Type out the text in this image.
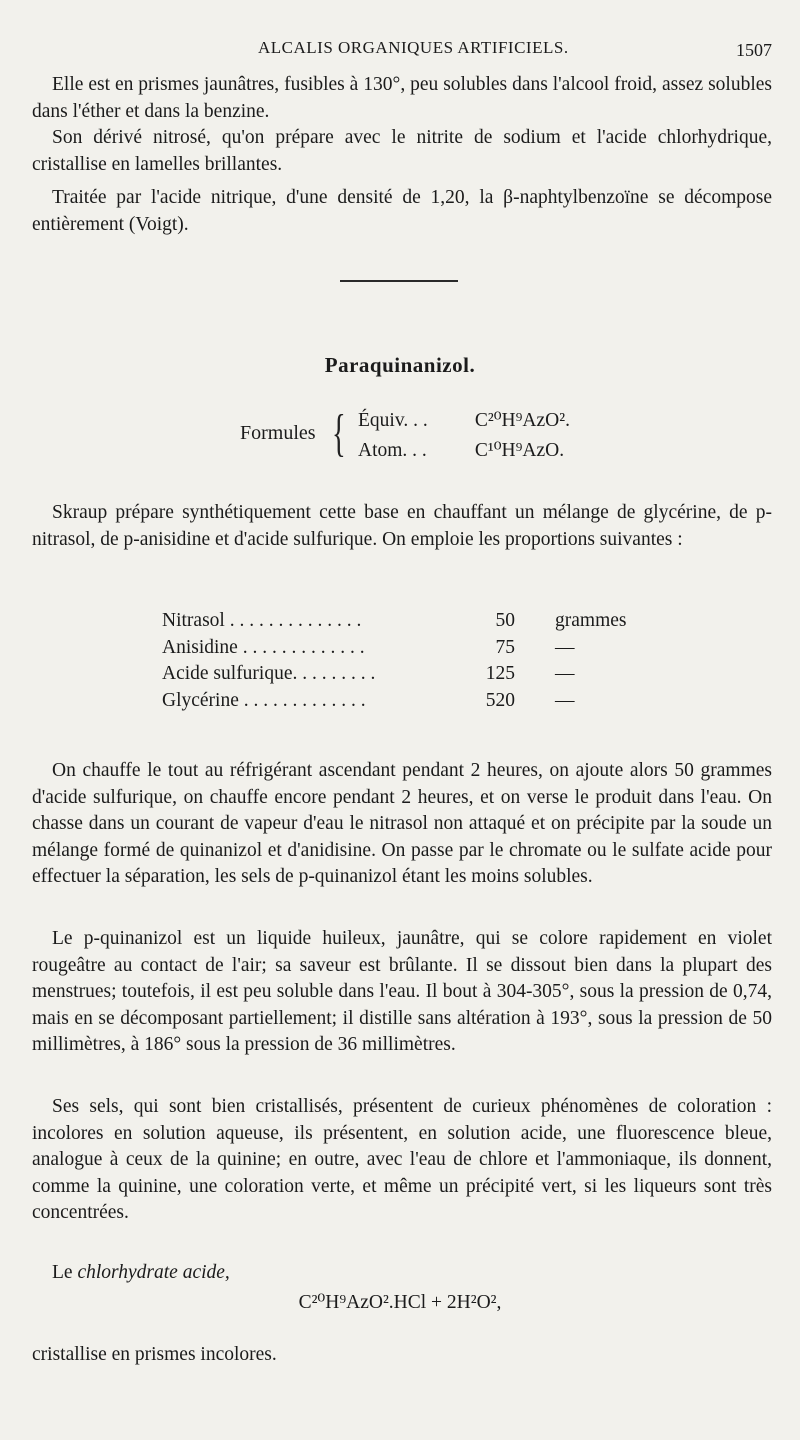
ALCALIS ORGANIQUES ARTIFICIELS.	1507

Elle est en prismes jaunâtres, fusibles à 130°, peu solubles dans l'alcool froid, assez solubles dans l'éther et dans la benzine.

Son dérivé nitrosé, qu'on prépare avec le nitrite de sodium et l'acide chlorhydrique, cristallise en lamelles brillantes.

Traitée par l'acide nitrique, d'une densité de 1,20, la β-naphtylbenzoïne se décompose entièrement (Voigt).

Paraquinanizol.
Formules { Équiv. . . C²⁰H⁹AzO².
Atom. . . C¹⁰H⁹AzO.

Skraup prépare synthétiquement cette base en chauffant un mélange de glycérine, de p-nitrasol, de p-anisidine et d'acide sulfurique. On emploie les proportions suivantes :

Nitrasol . . . . . . . . . . . . . .	50 grammes
Anisidine . . . . . . . . . . . . .	75 —
Acide sulfurique. . . . . . . . .	125 —
Glycérine . . . . . . . . . . . . .	520 —

On chauffe le tout au réfrigérant ascendant pendant 2 heures, on ajoute alors 50 grammes d'acide sulfurique, on chauffe encore pendant 2 heures, et on verse le produit dans l'eau. On chasse dans un courant de vapeur d'eau le nitrasol non attaqué et on précipite par la soude un mélange formé de quinanizol et d'anidisine. On passe par le chromate ou le sulfate acide pour effectuer la séparation, les sels de p-quinanizol étant les moins solubles.

Le p-quinanizol est un liquide huileux, jaunâtre, qui se colore rapidement en violet rougeâtre au contact de l'air; sa saveur est brûlante. Il se dissout bien dans la plupart des menstrues; toutefois, il est peu soluble dans l'eau. Il bout à 304-305°, sous la pression de 0,74, mais en se décomposant partiellement; il distille sans altération à 193°, sous la pression de 50 millimètres, à 186° sous la pression de 36 millimètres.

Ses sels, qui sont bien cristallisés, présentent de curieux phénomènes de coloration : incolores en solution aqueuse, ils présentent, en solution acide, une fluorescence bleue, analogue à ceux de la quinine; en outre, avec l'eau de chlore et l'ammoniaque, ils donnent, comme la quinine, une coloration verte, et même un précipité vert, si les liqueurs sont très concentrées.

Le chlorhydrate acide,

C²⁰H⁹AzO².HCl + 2H²O²,

cristallise en prismes incolores.
